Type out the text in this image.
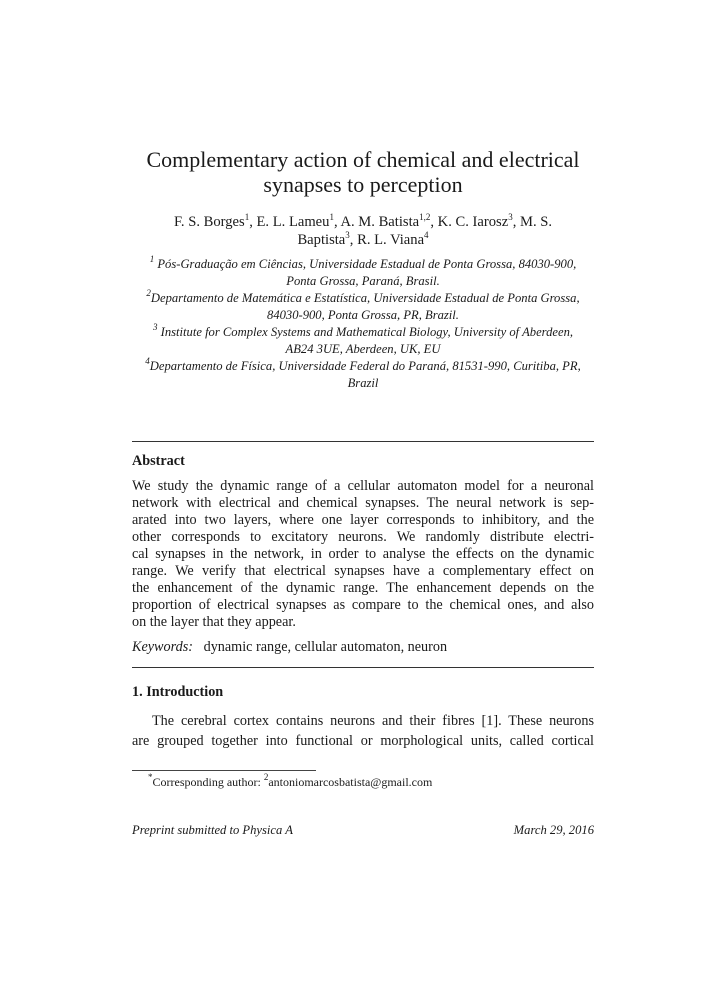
Complementary action of chemical and electrical
synapses to perception
F. S. Borges$^1$, E. L. Lameu$^1$, A. M. Batista$^{1,2}$, K. C. Iarosz$^3$, M. S.
Baptista$^3$, R. L. Viana$^4$
$^1$ Pós-Graduação em Ciências, Universidade Estadual de Ponta Grossa, 84030-900,
Ponta Grossa, Paraná, Brasil.
$^2$Departamento de Matemática e Estatística, Universidade Estadual de Ponta Grossa,
84030-900, Ponta Grossa, PR, Brazil.
$^3$ Institute for Complex Systems and Mathematical Biology, University of Aberdeen,
AB24 3UE, Aberdeen, UK, EU
$^4$Departamento de Física, Universidade Federal do Paraná, 81531-990, Curitiba, PR,
Brazil
Abstract
We study the dynamic range of a cellular automaton model for a neuronal
network with electrical and chemical synapses. The neural network is sep-
arated into two layers, where one layer corresponds to inhibitory, and the
other corresponds to excitatory neurons. We randomly distribute electri-
cal synapses in the network, in order to analyse the effects on the dynamic
range. We verify that electrical synapses have a complementary effect on
the enhancement of the dynamic range. The enhancement depends on the
proportion of electrical synapses as compare to the chemical ones, and also
on the layer that they appear.
Keywords: dynamic range, cellular automaton, neuron
1. Introduction
The cerebral cortex contains neurons and their fibres [1]. These neurons
are grouped together into functional or morphological units, called cortical
*Corresponding author: $^2$antoniomarcosbatista@gmail.com
Preprint submitted to Physica A	March 29, 2016
